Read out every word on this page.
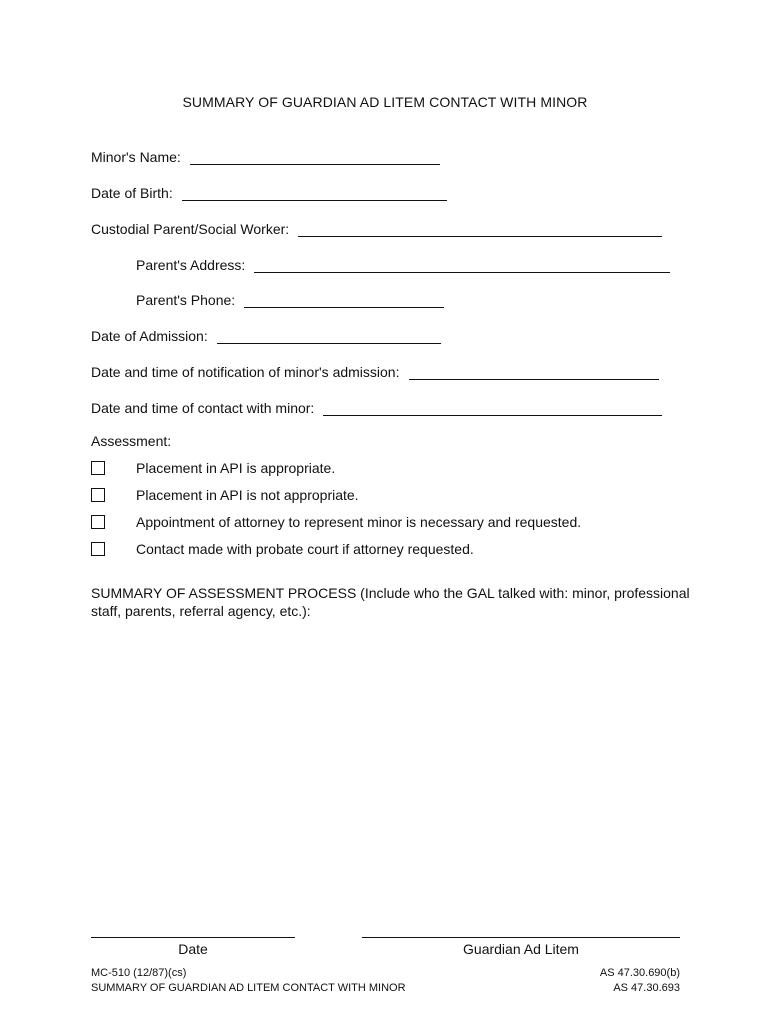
SUMMARY OF GUARDIAN AD LITEM CONTACT WITH MINOR
Minor's Name:
Date of Birth:
Custodial Parent/Social Worker:
Parent's Address:
Parent's Phone:
Date of Admission:
Date and time of notification of minor's admission:
Date and time of contact with minor:
Assessment:
Placement in API is appropriate.
Placement in API is not appropriate.
Appointment of attorney to represent minor is necessary and requested.
Contact made with probate court if attorney requested.
SUMMARY OF ASSESSMENT PROCESS (Include who the GAL talked with: minor, professional staff, parents, referral agency, etc.):
Date	Guardian Ad Litem
MC-510 (12/87)(cs)
SUMMARY OF GUARDIAN AD LITEM CONTACT WITH MINOR
AS 47.30.690(b)
AS 47.30.693
